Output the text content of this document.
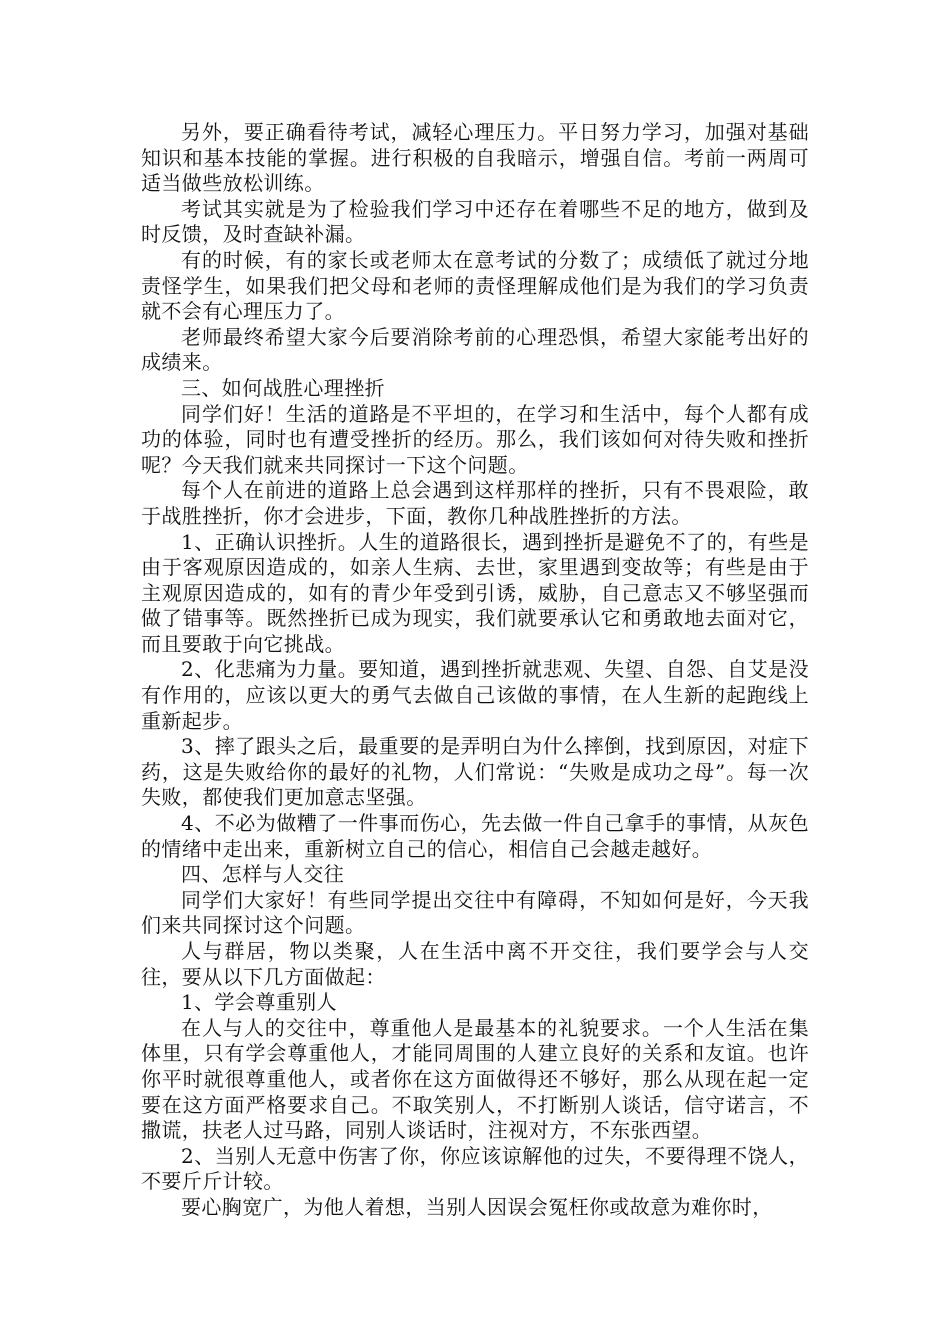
另外，要正确看待考试，减轻心理压力。平日努力学习，加强对基础知识和基本技能的掌握。进行积极的自我暗示，增强自信。考前一两周可适当做些放松训练。

考试其实就是为了检验我们学习中还存在着哪些不足的地方，做到及时反馈，及时查缺补漏。

有的时候，有的家长或老师太在意考试的分数了；成绩低了就过分地责怪学生，如果我们把父母和老师的责怪理解成他们是为我们的学习负责就不会有心理压力了。

老师最终希望大家今后要消除考前的心理恐惧，希望大家能考出好的成绩来。

三、如何战胜心理挫折

同学们好！生活的道路是不平坦的，在学习和生活中，每个人都有成功的体验，同时也有遭受挫折的经历。那么，我们该如何对待失败和挫折呢？今天我们就来共同探讨一下这个问题。

每个人在前进的道路上总会遇到这样那样的挫折，只有不畏艰险，敢于战胜挫折，你才会进步，下面，教你几种战胜挫折的方法。

1、正确认识挫折。人生的道路很长，遇到挫折是避免不了的，有些是由于客观原因造成的，如亲人生病、去世，家里遇到变故等；有些是由于主观原因造成的，如有的青少年受到引诱，威胁，自己意志又不够坚强而做了错事等。既然挫折已成为现实，我们就要承认它和勇敢地去面对它，而且要敢于向它挑战。

2、化悲痛为力量。要知道，遇到挫折就悲观、失望、自怨、自艾是没有作用的，应该以更大的勇气去做自己该做的事情，在人生新的起跑线上重新起步。

3、摔了跟头之后，最重要的是弄明白为什么摔倒，找到原因，对症下药，这是失败给你的最好的礼物，人们常说：“失败是成功之母”。每一次失败，都使我们更加意志坚强。

4、不必为做糟了一件事而伤心，先去做一件自己拿手的事情，从灰色的情绪中走出来，重新树立自己的信心，相信自己会越走越好。

四、怎样与人交往

同学们大家好！有些同学提出交往中有障碍，不知如何是好，今天我们来共同探讨这个问题。

人与群居，物以类聚，人在生活中离不开交往，我们要学会与人交往，要从以下几方面做起：

1、学会尊重别人

在人与人的交往中，尊重他人是最基本的礼貌要求。一个人生活在集体里，只有学会尊重他人，才能同周围的人建立良好的关系和友谊。也许你平时就很尊重他人，或者你在这方面做得还不够好，那么从现在起一定要在这方面严格要求自己。不取笑别人，不打断别人谈话，信守诺言，不撒谎，扶老人过马路，同别人谈话时，注视对方，不东张西望。

2、当别人无意中伤害了你，你应该谅解他的过失，不要得理不饶人，不要斤斤计较。

要心胸宽广，为他人着想，当别人因误会冤枉你或故意为难你时，
